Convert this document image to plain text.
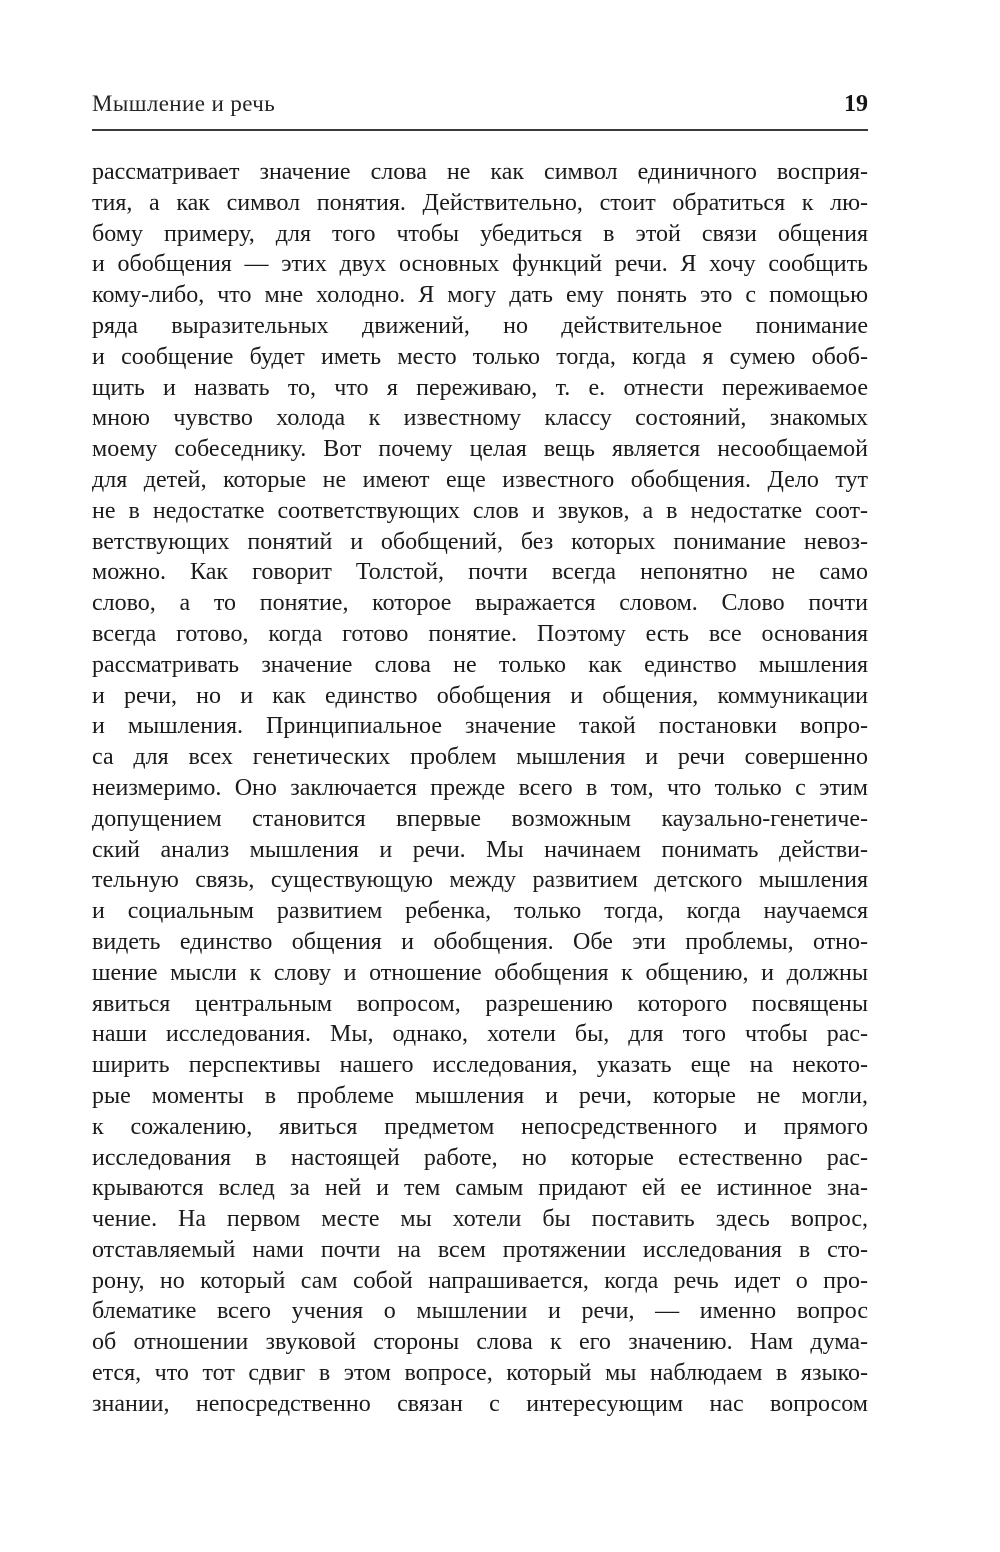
Мышление и речь	19
рассматривает значение слова не как символ единичного восприя-
тия, а как символ понятия. Действительно, стоит обратиться к лю-
бому примеру, для того чтобы убедиться в этой связи общения
и обобщения — этих двух основных функций речи. Я хочу сообщить
кому-либо, что мне холодно. Я могу дать ему понять это с помощью
ряда выразительных движений, но действительное понимание
и сообщение будет иметь место только тогда, когда я сумею обоб-
щить и назвать то, что я переживаю, т. е. отнести переживаемое
мною чувство холода к известному классу состояний, знакомых
моему собеседнику. Вот почему целая вещь является несообщаемой
для детей, которые не имеют еще известного обобщения. Дело тут
не в недостатке соответствующих слов и звуков, а в недостатке соот-
ветствующих понятий и обобщений, без которых понимание невоз-
можно. Как говорит Толстой, почти всегда непонятно не само
слово, а то понятие, которое выражается словом. Слово почти
всегда готово, когда готово понятие. Поэтому есть все основания
рассматривать значение слова не только как единство мышления
и речи, но и как единство обобщения и общения, коммуникации
и мышления. Принципиальное значение такой постановки вопро-
са для всех генетических проблем мышления и речи совершенно
неизмеримо. Оно заключается прежде всего в том, что только с этим
допущением становится впервые возможным каузально-генетиче-
ский анализ мышления и речи. Мы начинаем понимать действи-
тельную связь, существующую между развитием детского мышления
и социальным развитием ребенка, только тогда, когда научаемся
видеть единство общения и обобщения. Обе эти проблемы, отно-
шение мысли к слову и отношение обобщения к общению, и должны
явиться центральным вопросом, разрешению которого посвящены
наши исследования. Мы, однако, хотели бы, для того чтобы рас-
ширить перспективы нашего исследования, указать еще на некото-
рые моменты в проблеме мышления и речи, которые не могли,
к сожалению, явиться предметом непосредственного и прямого
исследования в настоящей работе, но которые естественно рас-
крываются вслед за ней и тем самым придают ей ее истинное зна-
чение. На первом месте мы хотели бы поставить здесь вопрос,
отставляемый нами почти на всем протяжении исследования в сто-
рону, но который сам собой напрашивается, когда речь идет о про-
блематике всего учения о мышлении и речи, — именно вопрос
об отношении звуковой стороны слова к его значению. Нам дума-
ется, что тот сдвиг в этом вопросе, который мы наблюдаем в языко-
знании, непосредственно связан с интересующим нас вопросом
